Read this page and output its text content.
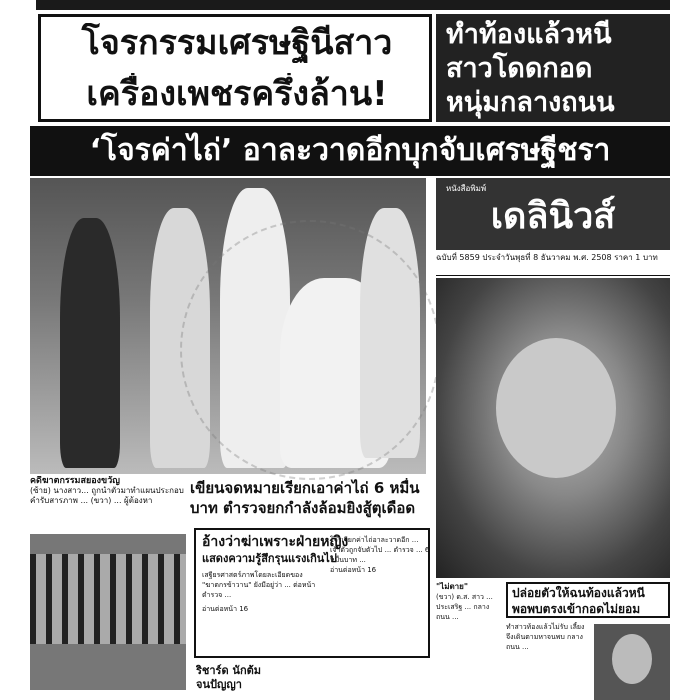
โจรกรรมเศรษฐินีสาว
เครื่องเพชรครึ่งล้าน!
ทำท้องแล้วหนี
สาวโดดกอด
หนุ่มกลางถนน
‘โจรค่าไถ่’ อาละวาดอีกบุกจับเศรษฐีชรา
คดีฆาตกรรมสยองขวัญ
(ซ้าย) นางสาว... ถูกนำตัวมาทำแผนประกอบคำรับสารภาพ ... (ขวา) ... ผู้ต้องหา
หนังสือพิมพ์
เดลินิวส์
ฉบับที่ 5859 ประจำวันพุธที่ 8 ธันวาคม พ.ศ. 2508 ราคา 1 บาท
เขียนจดหมายเรียกเอาค่าไถ่ 6 หมื่นบาท ตำรวจยกกำลังล้อมยิงสู้ตุเดือด
อ้างว่าฆ่าเพราะฝ่ายหญิง
แสดงความรู้สึกรุนแรงเกินไป
เสฐียรศาสตร์ภาพโดยละเอียดของ "ฆาตกรข้าวาน" ยังมีอยู่ว่า ... ต่อหน้าตำรวจ ...
อ่านต่อหน้า 16
โจรเรียกค่าไถ่อาละวาดอีก ... เจ้าตัวถูกจับตัวไป ... ตำรวจ ... 6 หมื่นบาท ...
อ่านต่อหน้า 16
ริชาร์ด นักต้ม
จนปัญญา
"ไม่ตาย"
(ขวา) ด.ส. สาว ... ประเสริฐ ... กลางถนน ...
ปล่อยตัวให้ฉนท้องแล้วหนี พอพบตรงเข้ากอดไม่ยอม
ทำสาวท้องแล้วไม่รับ เลี้ยงจึงเดินตามหาจนพบ กลางถนน ...
